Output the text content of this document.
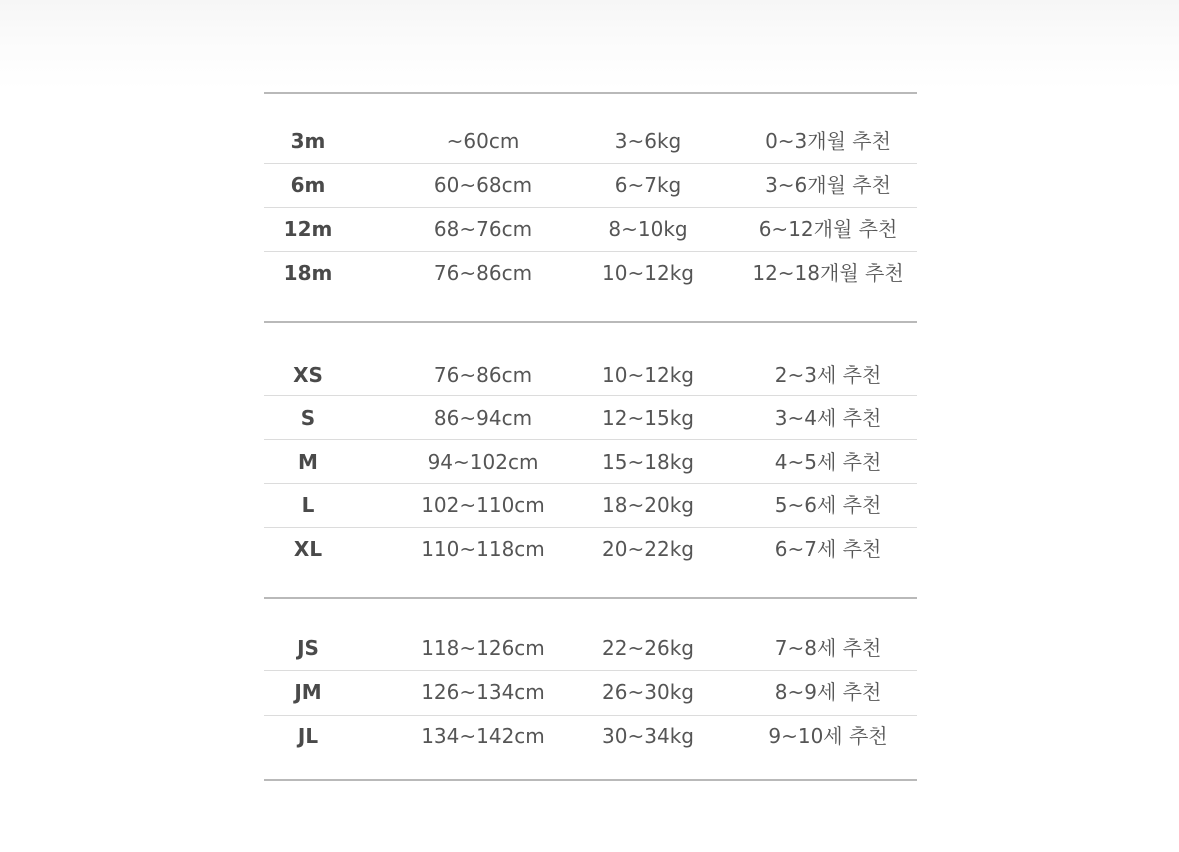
3m	~60cm	3~6kg	0~3개월 추천
6m	60~68cm	6~7kg	3~6개월 추천
12m	68~76cm	8~10kg	6~12개월 추천
18m	76~86cm	10~12kg	12~18개월 추천
XS	76~86cm	10~12kg	2~3세 추천
S	86~94cm	12~15kg	3~4세 추천
M	94~102cm	15~18kg	4~5세 추천
L	102~110cm	18~20kg	5~6세 추천
XL	110~118cm	20~22kg	6~7세 추천
JS	118~126cm	22~26kg	7~8세 추천
JM	126~134cm	26~30kg	8~9세 추천
JL	134~142cm	30~34kg	9~10세 추천
